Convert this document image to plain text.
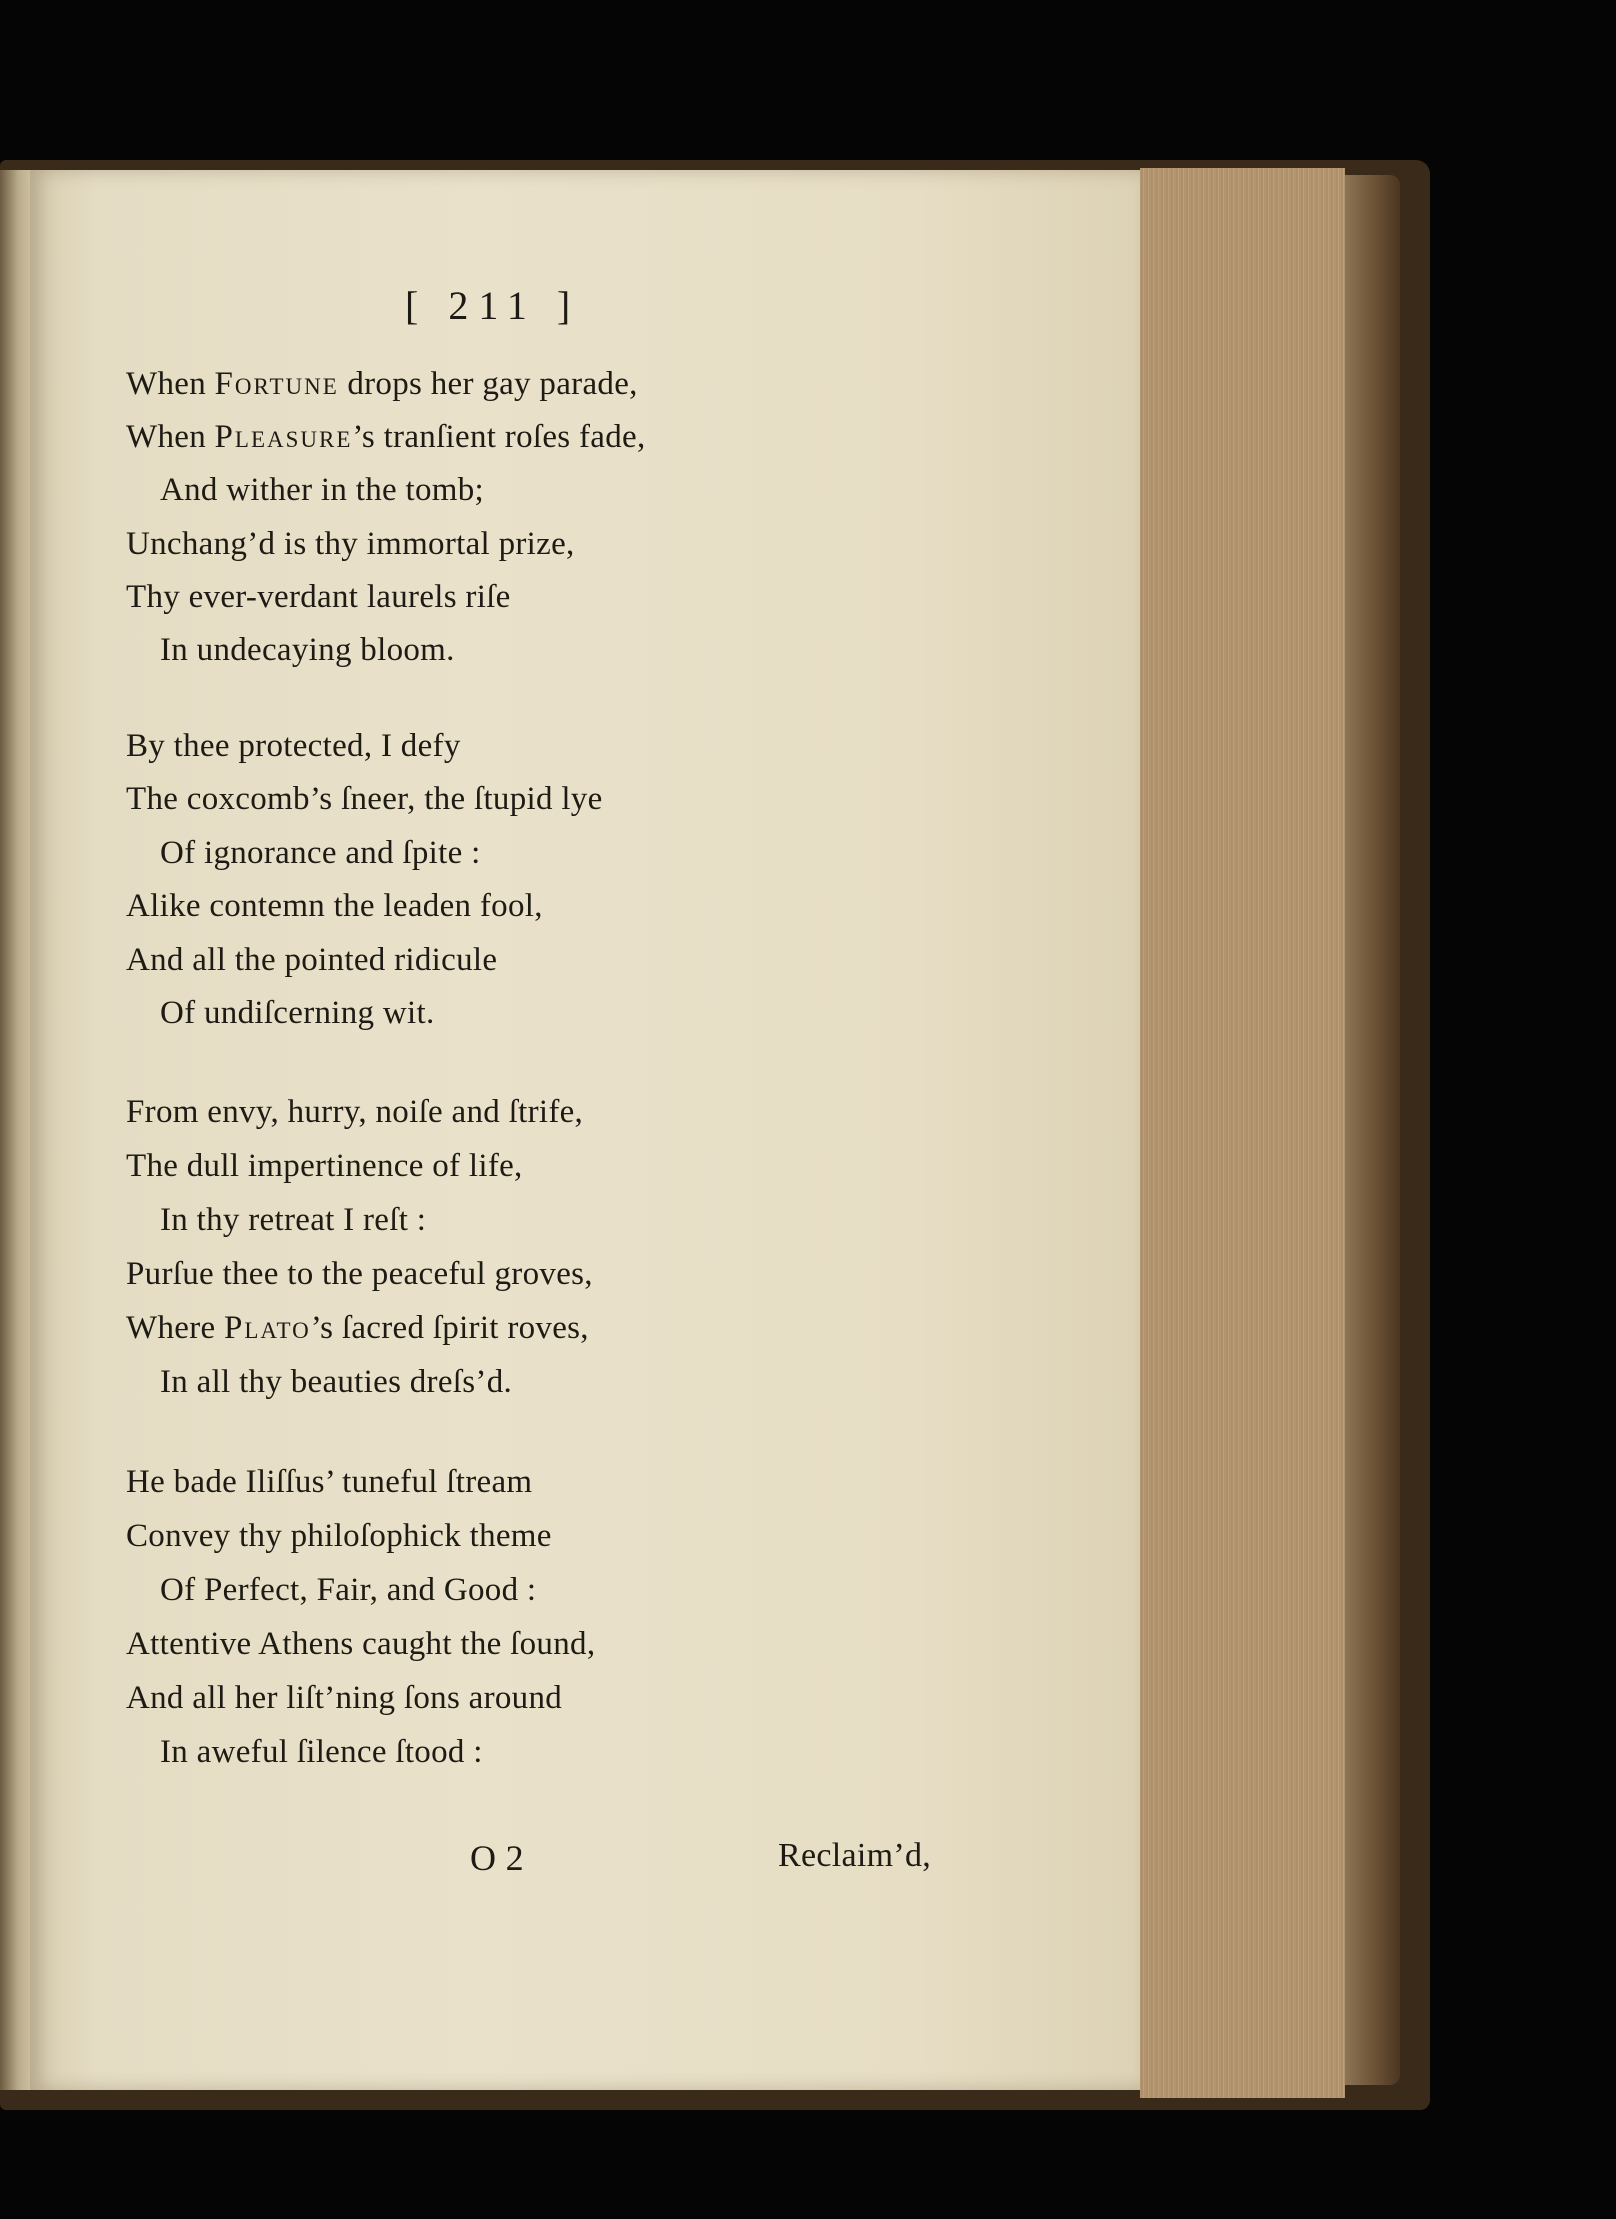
[ 211 ]
When Fortune drops her gay parade,
When Pleasure’s tranſient roſes fade,
And wither in the tomb;
Unchang’d is thy immortal prize,
Thy ever-verdant laurels riſe
In undecaying bloom.
By thee protected, I defy
The coxcomb’s ſneer, the ſtupid lye
Of ignorance and ſpite :
Alike contemn the leaden fool,
And all the pointed ridicule
Of undiſcerning wit.
From envy, hurry, noiſe and ſtrife,
The dull impertinence of life,
In thy retreat I reſt :
Purſue thee to the peaceful groves,
Where Plato’s ſacred ſpirit roves,
In all thy beauties dreſs’d.
He bade Iliſſus’ tuneful ſtream
Convey thy philoſophick theme
Of Perfect, Fair, and Good :
Attentive Athens caught the ſound,
And all her liſt’ning ſons around
In aweful ſilence ſtood :
O 2	Reclaim’d,
